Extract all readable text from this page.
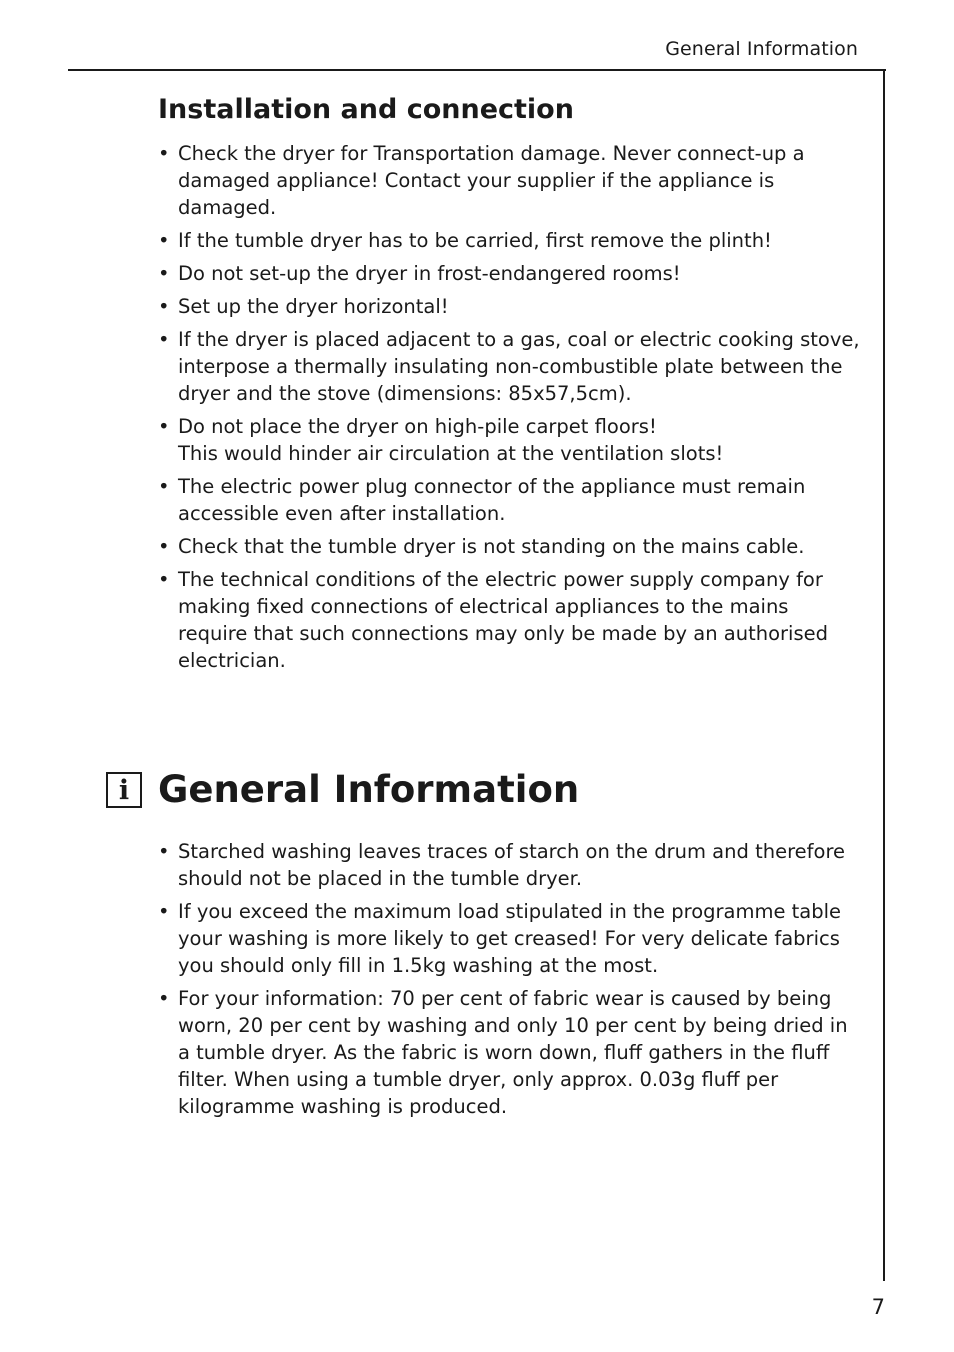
General Information
Installation and connection
• Check the dryer for Transportation damage. Never connect-up a damaged appliance! Contact your supplier if the appliance is damaged.
• If the tumble dryer has to be carried, first remove the plinth!
• Do not set-up the dryer in frost-endangered rooms!
• Set up the dryer horizontal!
• If the dryer is placed adjacent to a gas, coal or electric cooking stove, interpose a thermally insulating non-combustible plate between the dryer and the stove (dimensions: 85x57,5cm).
• Do not place the dryer on high-pile carpet floors!
This would hinder air circulation at the ventilation slots!
• The electric power plug connector of the appliance must remain accessible even after installation.
• Check that the tumble dryer is not standing on the mains cable.
• The technical conditions of the electric power supply company for making fixed connections of electrical appliances to the mains require that such connections may only be made by an authorised electrician.
i General Information
• Starched washing leaves traces of starch on the drum and therefore should not be placed in the tumble dryer.
• If you exceed the maximum load stipulated in the programme table your washing is more likely to get creased! For very delicate fabrics you should only fill in 1.5kg washing at the most.
• For your information: 70 per cent of fabric wear is caused by being worn, 20 per cent by washing and only 10 per cent by being dried in a tumble dryer. As the fabric is worn down, fluff gathers in the fluff filter. When using a tumble dryer, only approx. 0.03g fluff per kilogramme washing is produced.
7
